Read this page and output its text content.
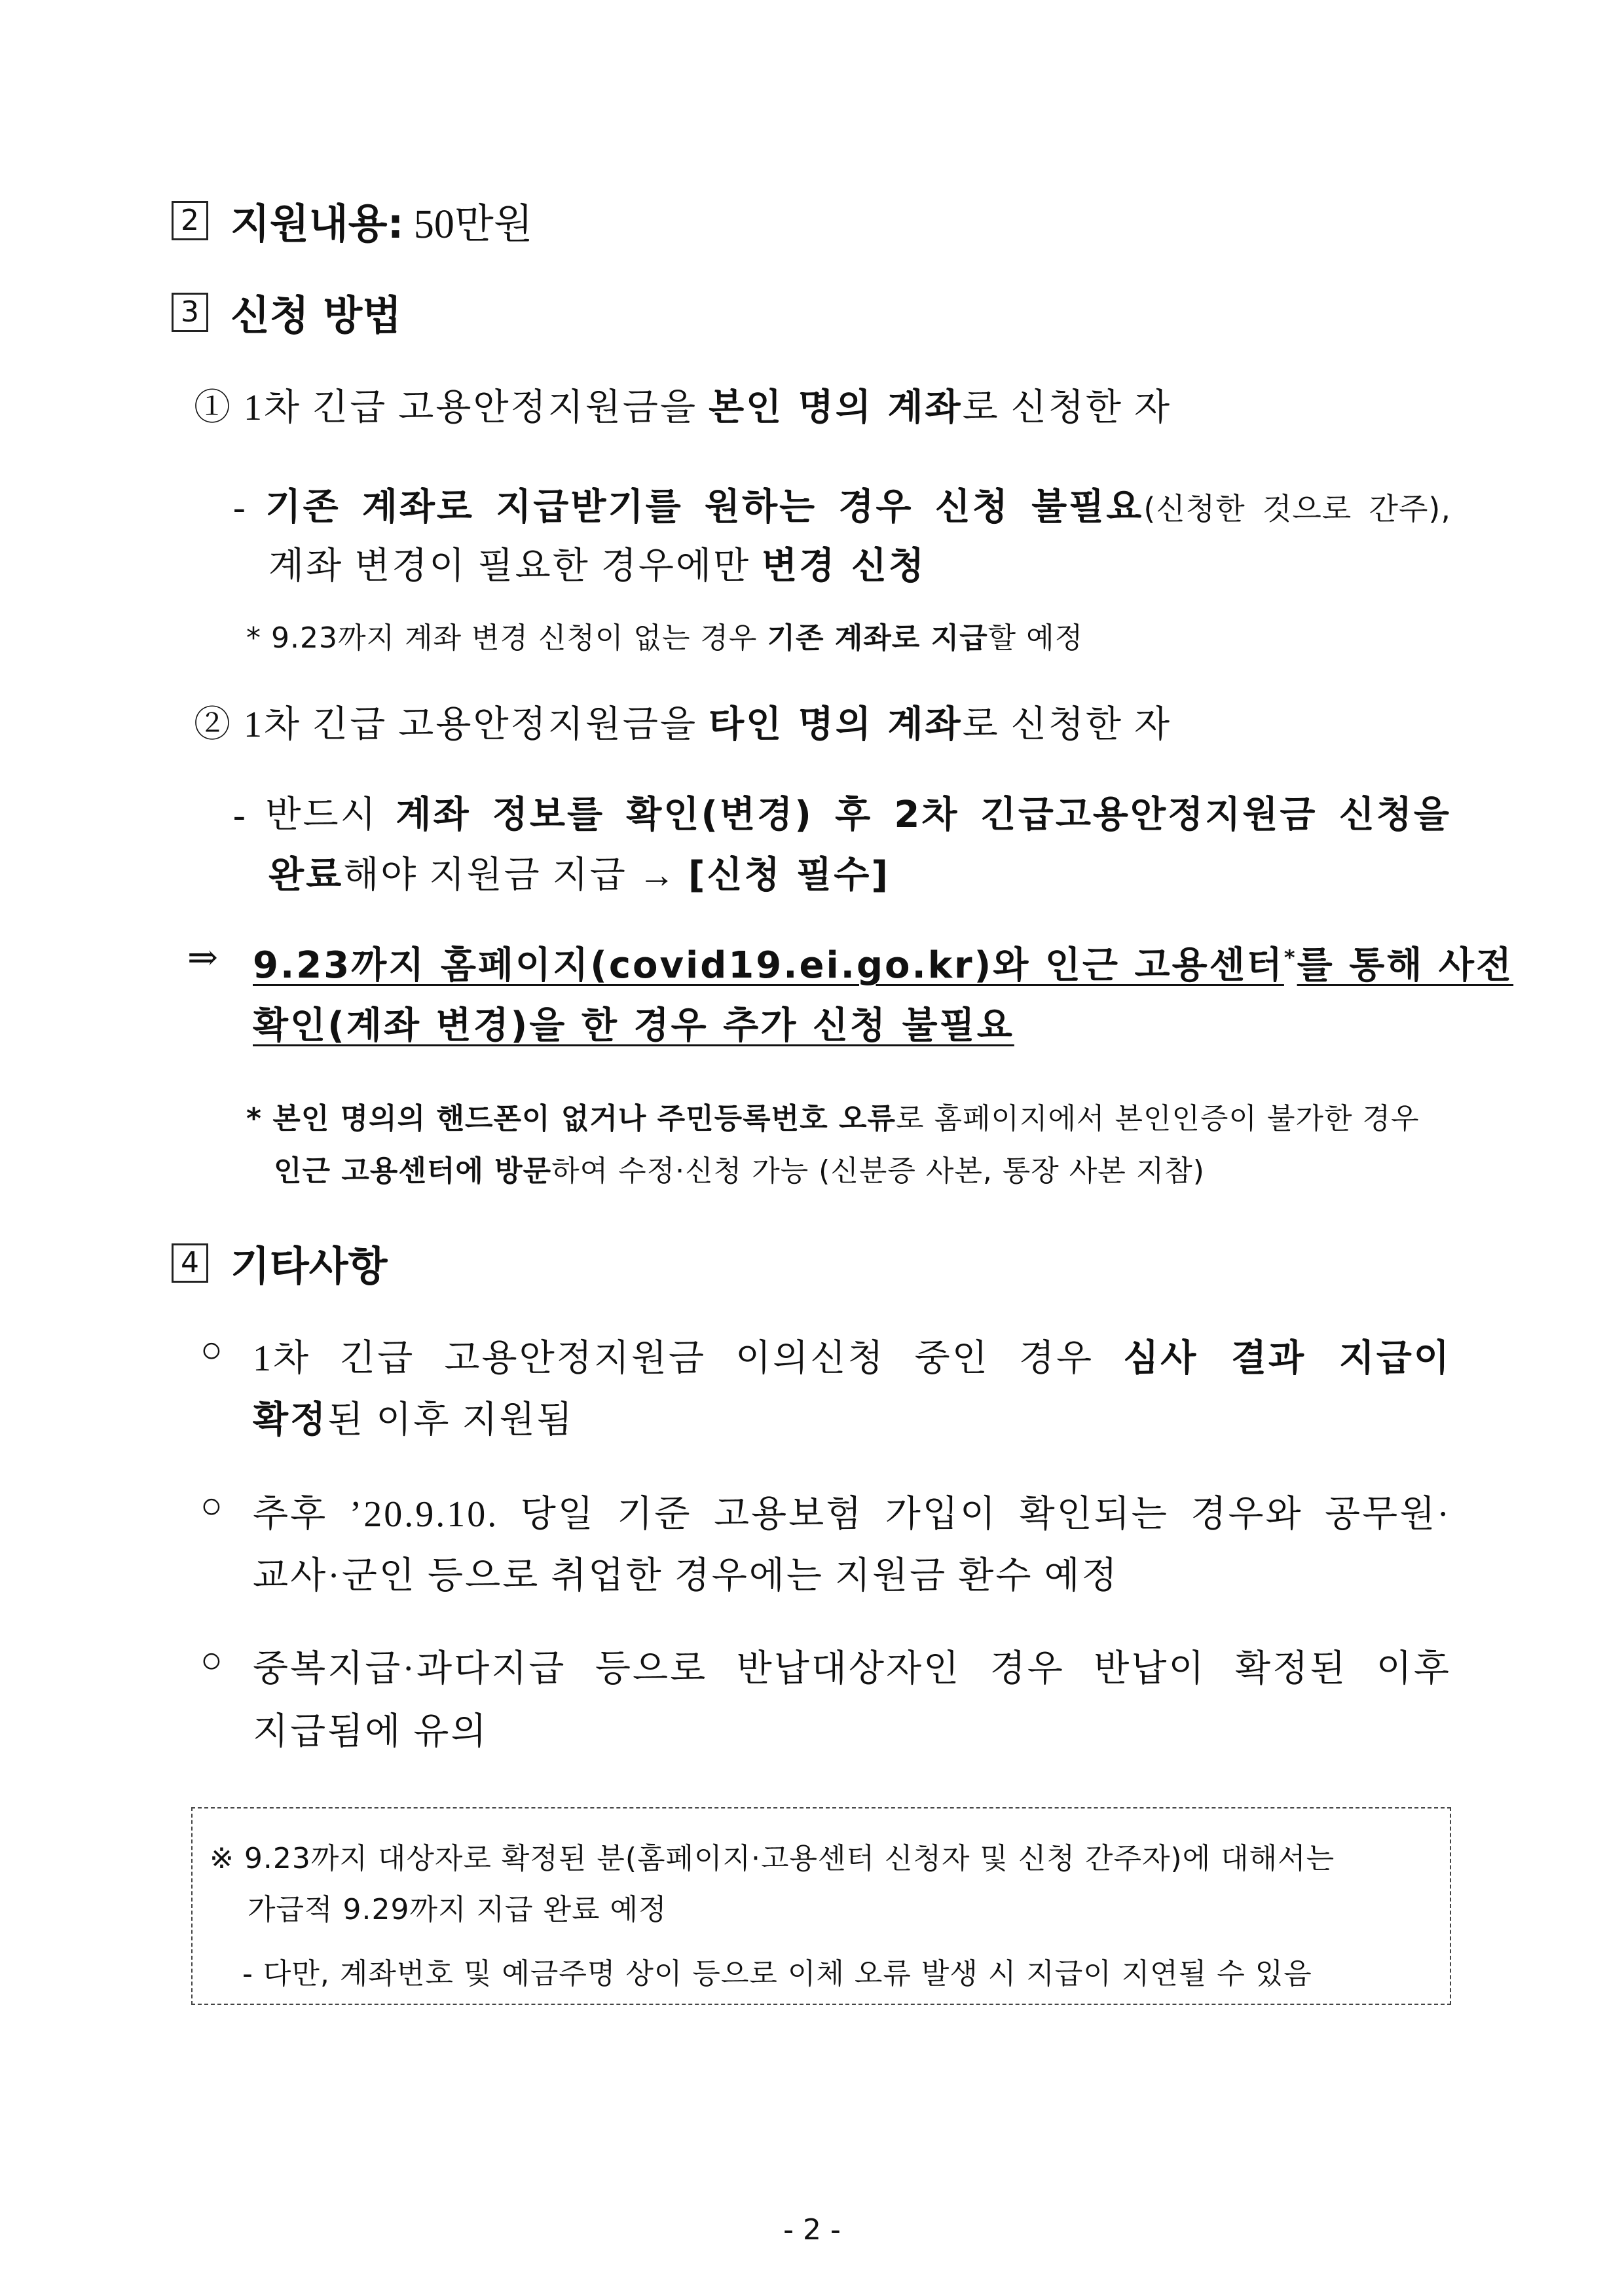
2 지원내용: 50만원
3 신청 방법
① 1차 긴급 고용안정지원금을 본인 명의 계좌로 신청한 자
- 기존 계좌로 지급받기를 원하는 경우 신청 불필요(신청한 것으로 간주),
계좌 변경이 필요한 경우에만 변경 신청
* 9.23까지 계좌 변경 신청이 없는 경우 기존 계좌로 지급할 예정
② 1차 긴급 고용안정지원금을 타인 명의 계좌로 신청한 자
- 반드시 계좌 정보를 확인(변경) 후 2차 긴급고용안정지원금 신청을
완료해야 지원금 지급 → [신청 필수]
⇒ 9.23까지 홈페이지(covid19.ei.go.kr)와 인근 고용센터*를 통해 사전
확인(계좌 변경)을 한 경우 추가 신청 불필요
* 본인 명의의 핸드폰이 없거나 주민등록번호 오류로 홈페이지에서 본인인증이 불가한 경우
인근 고용센터에 방문하여 수정·신청 가능 (신분증 사본, 통장 사본 지참)
4 기타사항
○ 1차 긴급 고용안정지원금 이의신청 중인 경우 심사 결과 지급이
확정된 이후 지원됨
○ 추후 ’20.9.10. 당일 기준 고용보험 가입이 확인되는 경우와 공무원·
교사·군인 등으로 취업한 경우에는 지원금 환수 예정
○ 중복지급·과다지급 등으로 반납대상자인 경우 반납이 확정된 이후
지급됨에 유의
※ 9.23까지 대상자로 확정된 분(홈페이지·고용센터 신청자 및 신청 간주자)에 대해서는
가급적 9.29까지 지급 완료 예정
- 다만, 계좌번호 및 예금주명 상이 등으로 이체 오류 발생 시 지급이 지연될 수 있음
- 2 -
